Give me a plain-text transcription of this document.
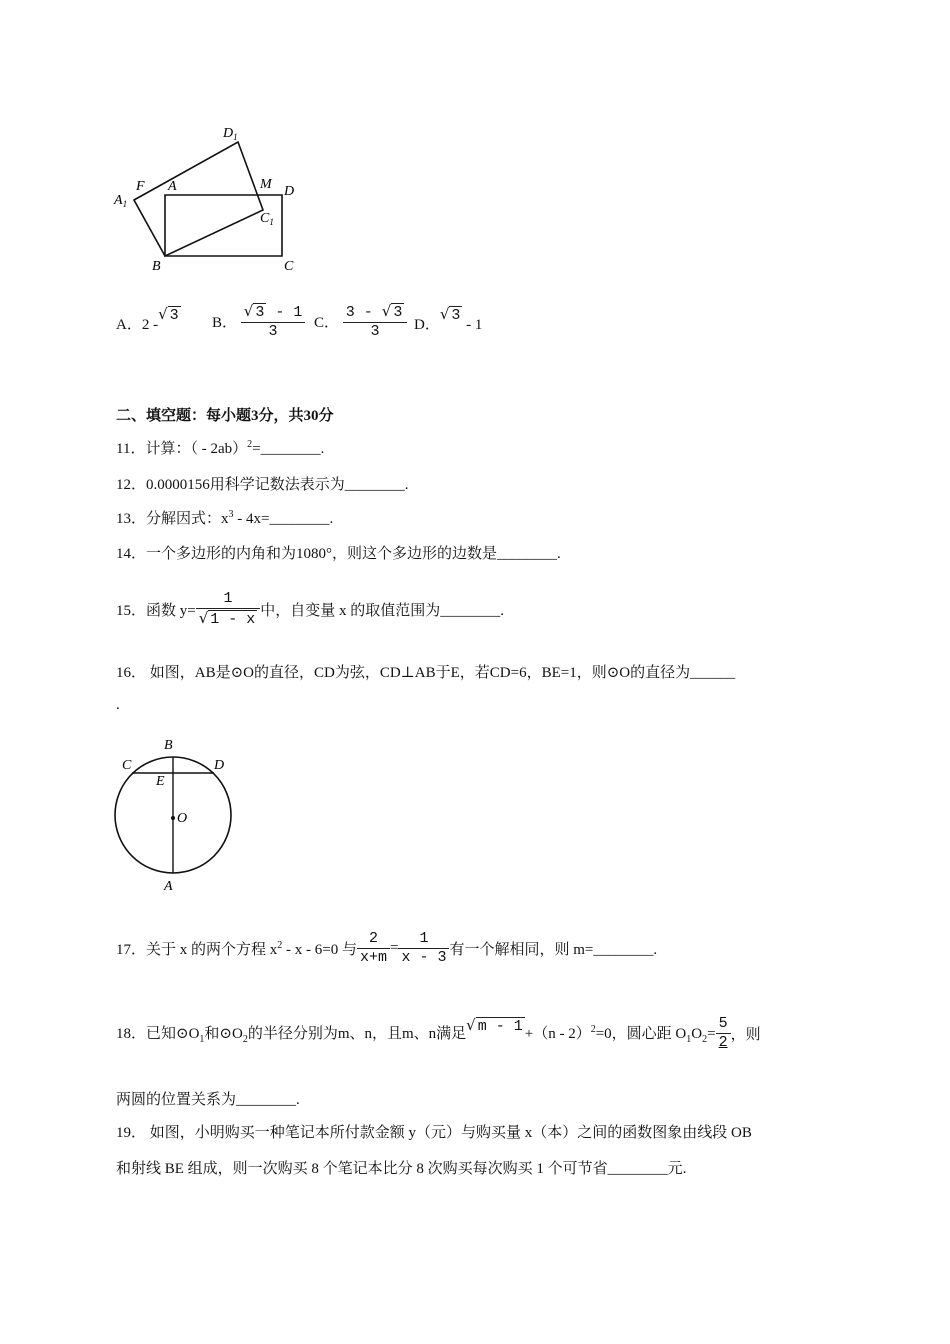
$D_1$
$A_1$
F A	M D
$C_1$
B	C
A．2 -√ 3 B． $\frac{√ 3 - 1}{3}$ C． $\frac{3 - √ 3}{3}$ D．√ 3 - 1
二、填空题：每小题3分，共30分
11．计算：（ - 2ab）$^2$=________.
12．0.0000156用科学记数法表示为________.
13．分解因式：$x^3$ - 4x=________.
14．一个多边形的内角和为1080°，则这个多边形的边数是________.
15．函数 $y= \frac{1}{√ 1 - x}$ 中，自变量 x 的取值范围为________.
16． 如图，AB是⊙O的直径，CD为弦，CD⊥AB于E，若CD=6，BE=1，则⊙O的直径为______
.
B
C	D
E
O
A
17．关于 x 的两个方程 $x^2 - x - 6=0$ 与 $\frac{2}{x+m} = \frac{1}{x - 3}$ 有一个解相同，则 m=________.
18．已知$⊙O_1$和$⊙O_2$的半径分别为m、n，且m、n满足√ m - 1 +（n - 2）$^2$=0，圆心距 $O_1O_2= \frac{5}{2}$ ，则
两圆的位置关系为________.
19． 如图，小明购买一种笔记本所付款金额 y（元）与购买量 x（本）之间的函数图象由线段 OB
和射线 BE 组成，则一次购买 8 个笔记本比分 8 次购买每次购买 1 个可节省________元.
